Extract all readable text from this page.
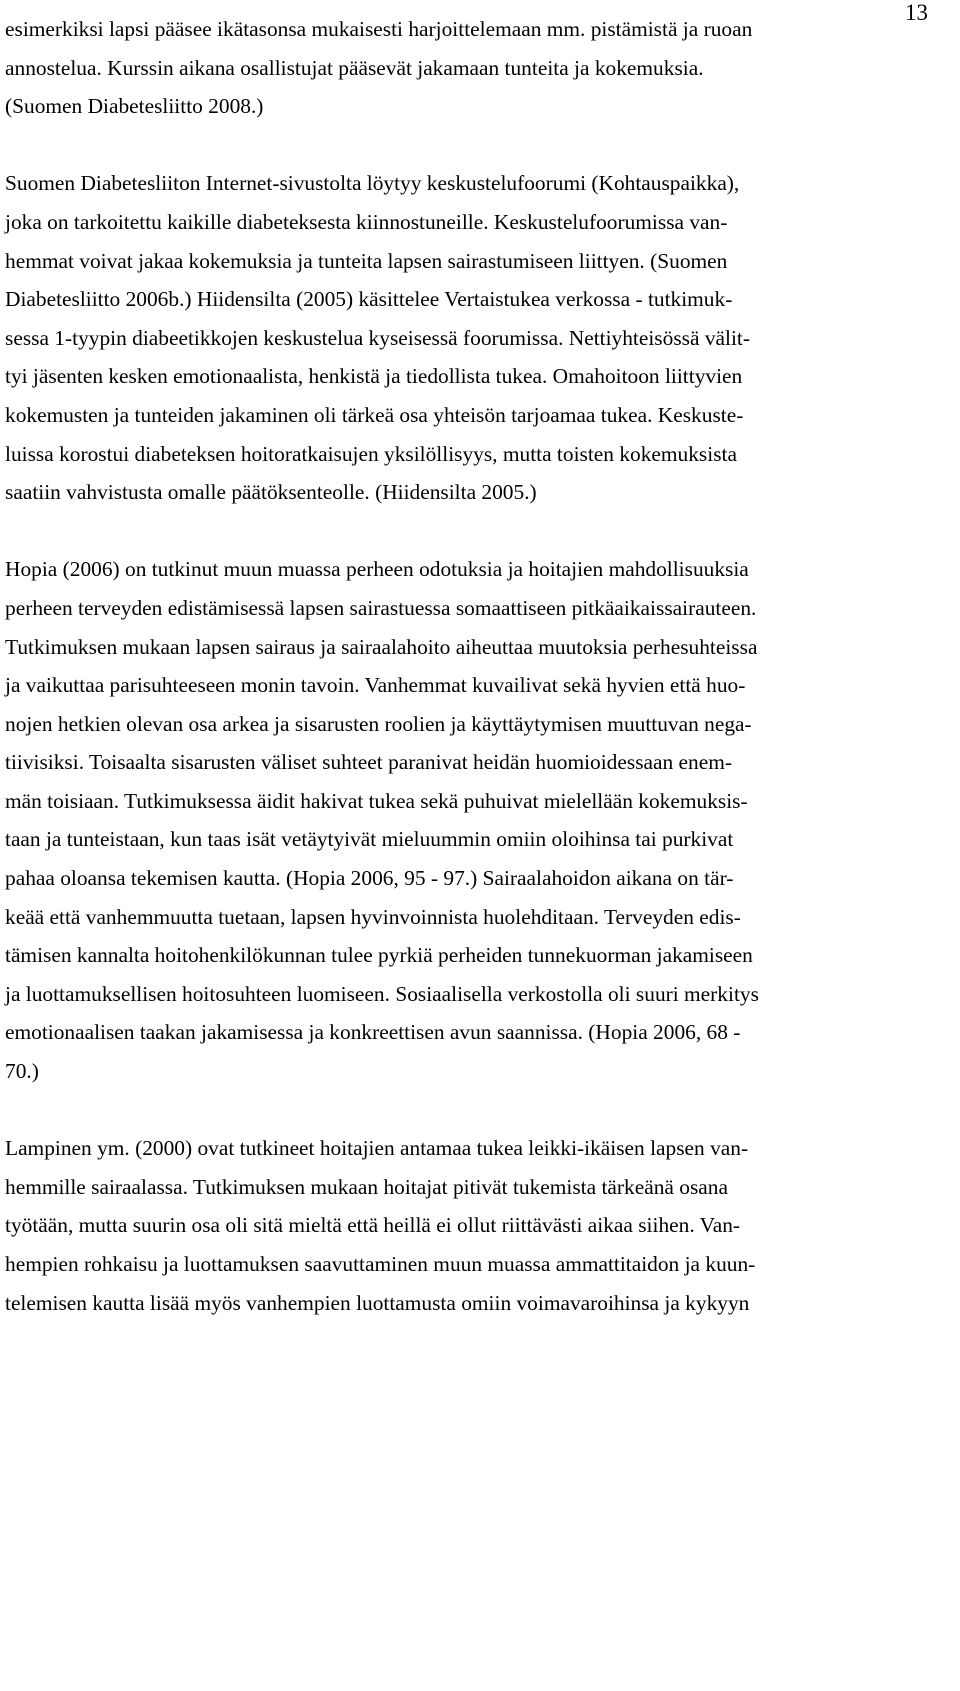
13
esimerkiksi lapsi pääsee ikätasonsa mukaisesti harjoittelemaan mm. pistämistä ja ruoan
annostelua. Kurssin aikana osallistujat pääsevät jakamaan tunteita ja kokemuksia.
(Suomen Diabetesliitto 2008.)
Suomen Diabetesliiton Internet-sivustolta löytyy keskustelufoorumi (Kohtauspaikka),
joka on tarkoitettu kaikille diabeteksesta kiinnostuneille. Keskustelufoorumissa van-
hemmat voivat jakaa kokemuksia ja tunteita lapsen sairastumiseen liittyen. (Suomen
Diabetesliitto 2006b.) Hiidensilta (2005) käsittelee Vertaistukea verkossa - tutkimuk-
sessa 1-tyypin diabeetikkojen keskustelua kyseisessä foorumissa. Nettiyhteisössä välit-
tyi jäsenten kesken emotionaalista, henkistä ja tiedollista tukea. Omahoitoon liittyvien
kokemusten ja tunteiden jakaminen oli tärkeä osa yhteisön tarjoamaa tukea. Keskuste-
luissa korostui diabeteksen hoitoratkaisujen yksilöllisyys, mutta toisten kokemuksista
saatiin vahvistusta omalle päätöksenteolle. (Hiidensilta 2005.)
Hopia (2006) on tutkinut muun muassa perheen odotuksia ja hoitajien mahdollisuuksia
perheen terveyden edistämisessä lapsen sairastuessa somaattiseen pitkäaikaissairauteen.
Tutkimuksen mukaan lapsen sairaus ja sairaalahoito aiheuttaa muutoksia perhesuhteissa
ja vaikuttaa parisuhteeseen monin tavoin. Vanhemmat kuvailivat sekä hyvien että huo-
nojen hetkien olevan osa arkea ja sisarusten roolien ja käyttäytymisen muuttuvan nega-
tiivisiksi. Toisaalta sisarusten väliset suhteet paranivat heidän huomioidessaan enem-
män toisiaan. Tutkimuksessa äidit hakivat tukea sekä puhuivat mielellään kokemuksis-
taan ja tunteistaan, kun taas isät vetäytyivät mieluummin omiin oloihinsa tai purkivat
pahaa oloansa tekemisen kautta. (Hopia 2006, 95 - 97.) Sairaalahoidon aikana on tär-
keää että vanhemmuutta tuetaan, lapsen hyvinvoinnista huolehditaan. Terveyden edis-
tämisen kannalta hoitohenkilökunnan tulee pyrkiä perheiden tunnekuorman jakamiseen
ja luottamuksellisen hoitosuhteen luomiseen. Sosiaalisella verkostolla oli suuri merkitys
emotionaalisen taakan jakamisessa ja konkreettisen avun saannissa. (Hopia 2006, 68 -
70.)
Lampinen ym. (2000) ovat tutkineet hoitajien antamaa tukea leikki-ikäisen lapsen van-
hemmille sairaalassa. Tutkimuksen mukaan hoitajat pitivät tukemista tärkeänä osana
työtään, mutta suurin osa oli sitä mieltä että heillä ei ollut riittävästi aikaa siihen. Van-
hempien rohkaisu ja luottamuksen saavuttaminen muun muassa ammattitaidon ja kuun-
telemisen kautta lisää myös vanhempien luottamusta omiin voimavaroihinsa ja kykyyn
